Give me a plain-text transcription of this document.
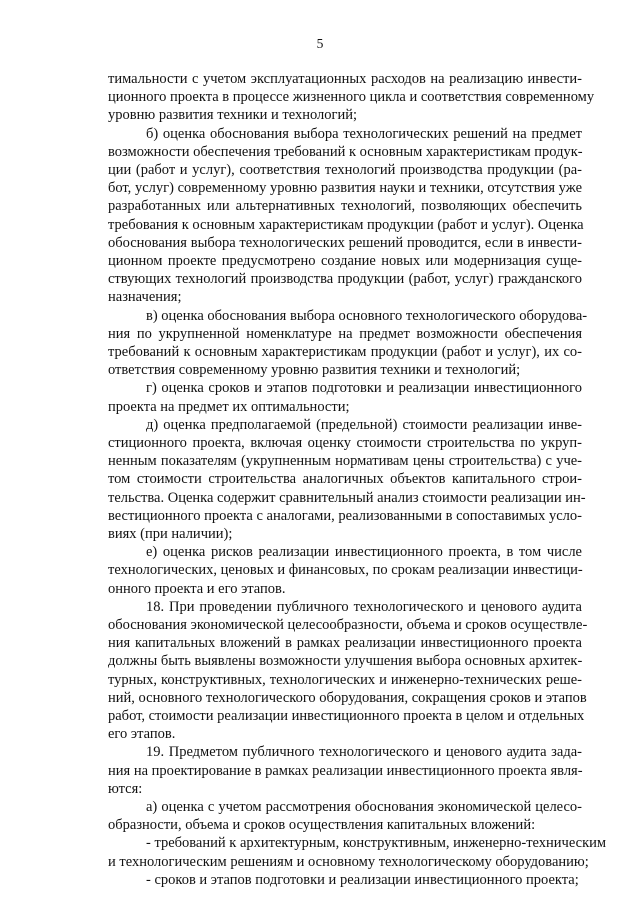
5
тимальности с учетом эксплуатационных расходов на реализацию инвести-
ционного проекта в процессе жизненного цикла и соответствия современному
уровню развития техники и технологий;
б) оценка обоснования выбора технологических решений на предмет
возможности обеспечения требований к основным характеристикам продук-
ции (работ и услуг), соответствия технологий производства продукции (ра-
бот, услуг) современному уровню развития науки и техники, отсутствия уже
разработанных или альтернативных технологий, позволяющих обеспечить
требования к основным характеристикам продукции (работ и услуг). Оценка
обоснования выбора технологических решений проводится, если в инвести-
ционном проекте предусмотрено создание новых или модернизация суще-
ствующих технологий производства продукции (работ, услуг) гражданского
назначения;
в) оценка обоснования выбора основного технологического оборудова-
ния по укрупненной номенклатуре на предмет возможности обеспечения
требований к основным характеристикам продукции (работ и услуг), их со-
ответствия современному уровню развития техники и технологий;
г) оценка сроков и этапов подготовки и реализации инвестиционного
проекта на предмет их оптимальности;
д) оценка предполагаемой (предельной) стоимости реализации инве-
стиционного проекта, включая оценку стоимости строительства по укруп-
ненным показателям (укрупненным нормативам цены строительства) с уче-
том стоимости строительства аналогичных объектов капитального строи-
тельства. Оценка содержит сравнительный анализ стоимости реализации ин-
вестиционного проекта с аналогами, реализованными в сопоставимых усло-
виях (при наличии);
е) оценка рисков реализации инвестиционного проекта, в том числе
технологических, ценовых и финансовых, по срокам реализации инвестици-
онного проекта и его этапов.
18. При проведении публичного технологического и ценового аудита
обоснования экономической целесообразности, объема и сроков осуществле-
ния капитальных вложений в рамках реализации инвестиционного проекта
должны быть выявлены возможности улучшения выбора основных архитек-
турных, конструктивных, технологических и инженерно-технических реше-
ний, основного технологического оборудования, сокращения сроков и этапов
работ, стоимости реализации инвестиционного проекта в целом и отдельных
его этапов.
19. Предметом публичного технологического и ценового аудита зада-
ния на проектирование в рамках реализации инвестиционного проекта явля-
ются:
а) оценка с учетом рассмотрения обоснования экономической целесо-
образности, объема и сроков осуществления капитальных вложений:
- требований к архитектурным, конструктивным, инженерно-техническим
и технологическим решениям и основному технологическому оборудованию;
- сроков и этапов подготовки и реализации инвестиционного проекта;
